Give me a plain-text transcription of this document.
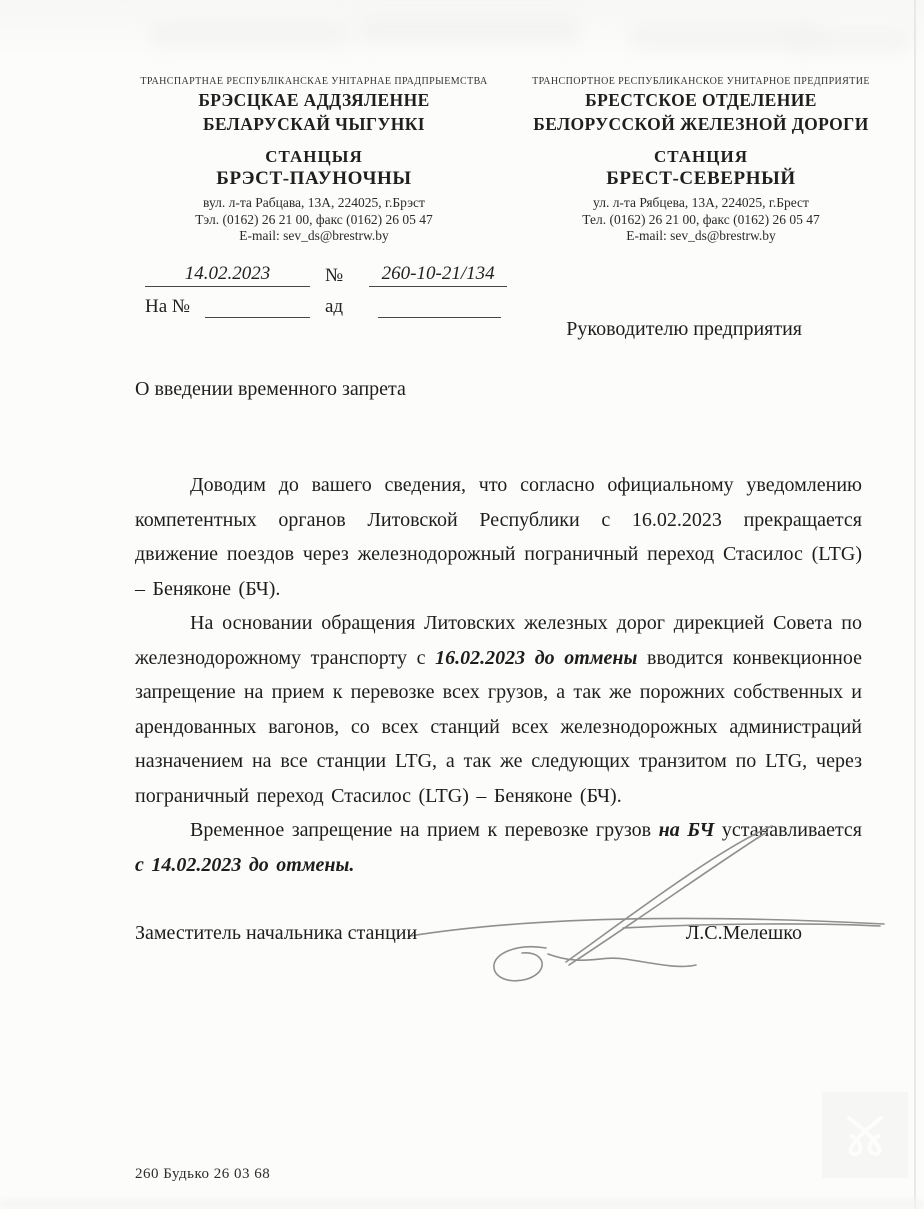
ТРАНСПАРТНАЕ РЕСПУБЛІКАНСКАЕ УНІТАРНАЕ ПРАДПРЫЕМСТВА
БРЭСЦКАЕ АДДЗЯЛЕННЕ
БЕЛАРУСКАЙ ЧЫГУНКІ
СТАНЦЫЯ
БРЭСТ-ПАУНОЧНЫ
вул. л-та Рабцава, 13А, 224025, г.Брэст
Тэл. (0162) 26 21 00, факс (0162) 26 05 47
E-mail: sev_ds@brestrw.by
ТРАНСПОРТНОЕ РЕСПУБЛИКАНСКОЕ УНИТАРНОЕ ПРЕДПРИЯТИЕ
БРЕСТСКОЕ ОТДЕЛЕНИЕ
БЕЛОРУССКОЙ ЖЕЛЕЗНОЙ ДОРОГИ
СТАНЦИЯ
БРЕСТ-СЕВЕРНЫЙ
ул. л-та Рябцева, 13А, 224025, г.Брест
Тел. (0162) 26 21 00, факс (0162) 26 05 47
E-mail: sev_ds@brestrw.by
14.02.2023	№	260-10-21/134
На №	ад
Руководителю предприятия
О введении временного запрета

Доводим до вашего сведения, что согласно официальному уведомлению компетентных органов Литовской Республики с 16.02.2023 прекращается движение поездов через железнодорожный пограничный переход Стасилос (LTG) – Беняконе (БЧ).

На основании обращения Литовских железных дорог дирекцией Совета по железнодорожному транспорту с 16.02.2023 до отмены вводится конвекционное запрещение на прием к перевозке всех грузов, а так же порожних собственных и арендованных вагонов, со всех станций всех железнодорожных администраций назначением на все станции LTG, а так же следующих транзитом по LTG, через пограничный переход Стасилос (LTG) – Беняконе (БЧ).

Временное запрещение на прием к перевозке грузов на БЧ устанавливается с 14.02.2023 до отмены.

Заместитель начальника станции	Л.С.Мелешко
260 Будько 26 03 68
